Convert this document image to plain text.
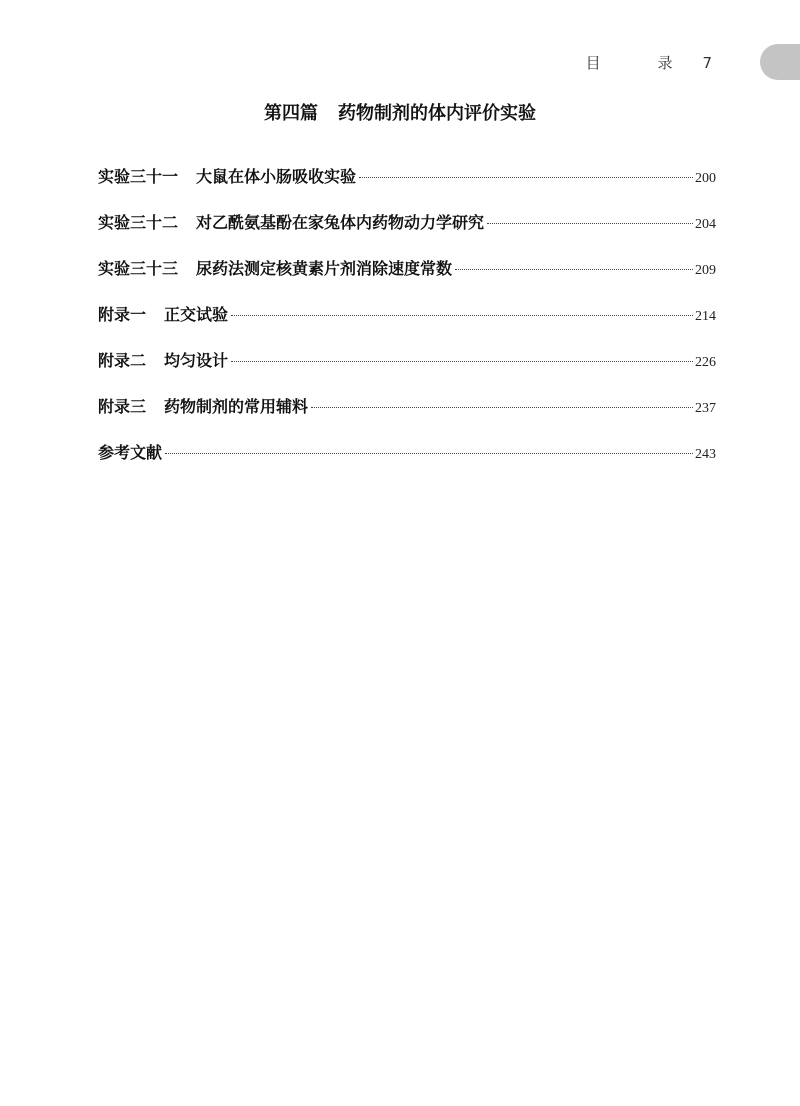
目 录 7
第四篇 药物制剂的体内评价实验
实验三十一 大鼠在体小肠吸收实验	200
实验三十二 对乙酰氨基酚在家兔体内药物动力学研究	204
实验三十三 尿药法测定核黄素片剂消除速度常数	209
附录一 正交试验	214
附录二 均匀设计	226
附录三 药物制剂的常用辅料	237
参考文献	243
